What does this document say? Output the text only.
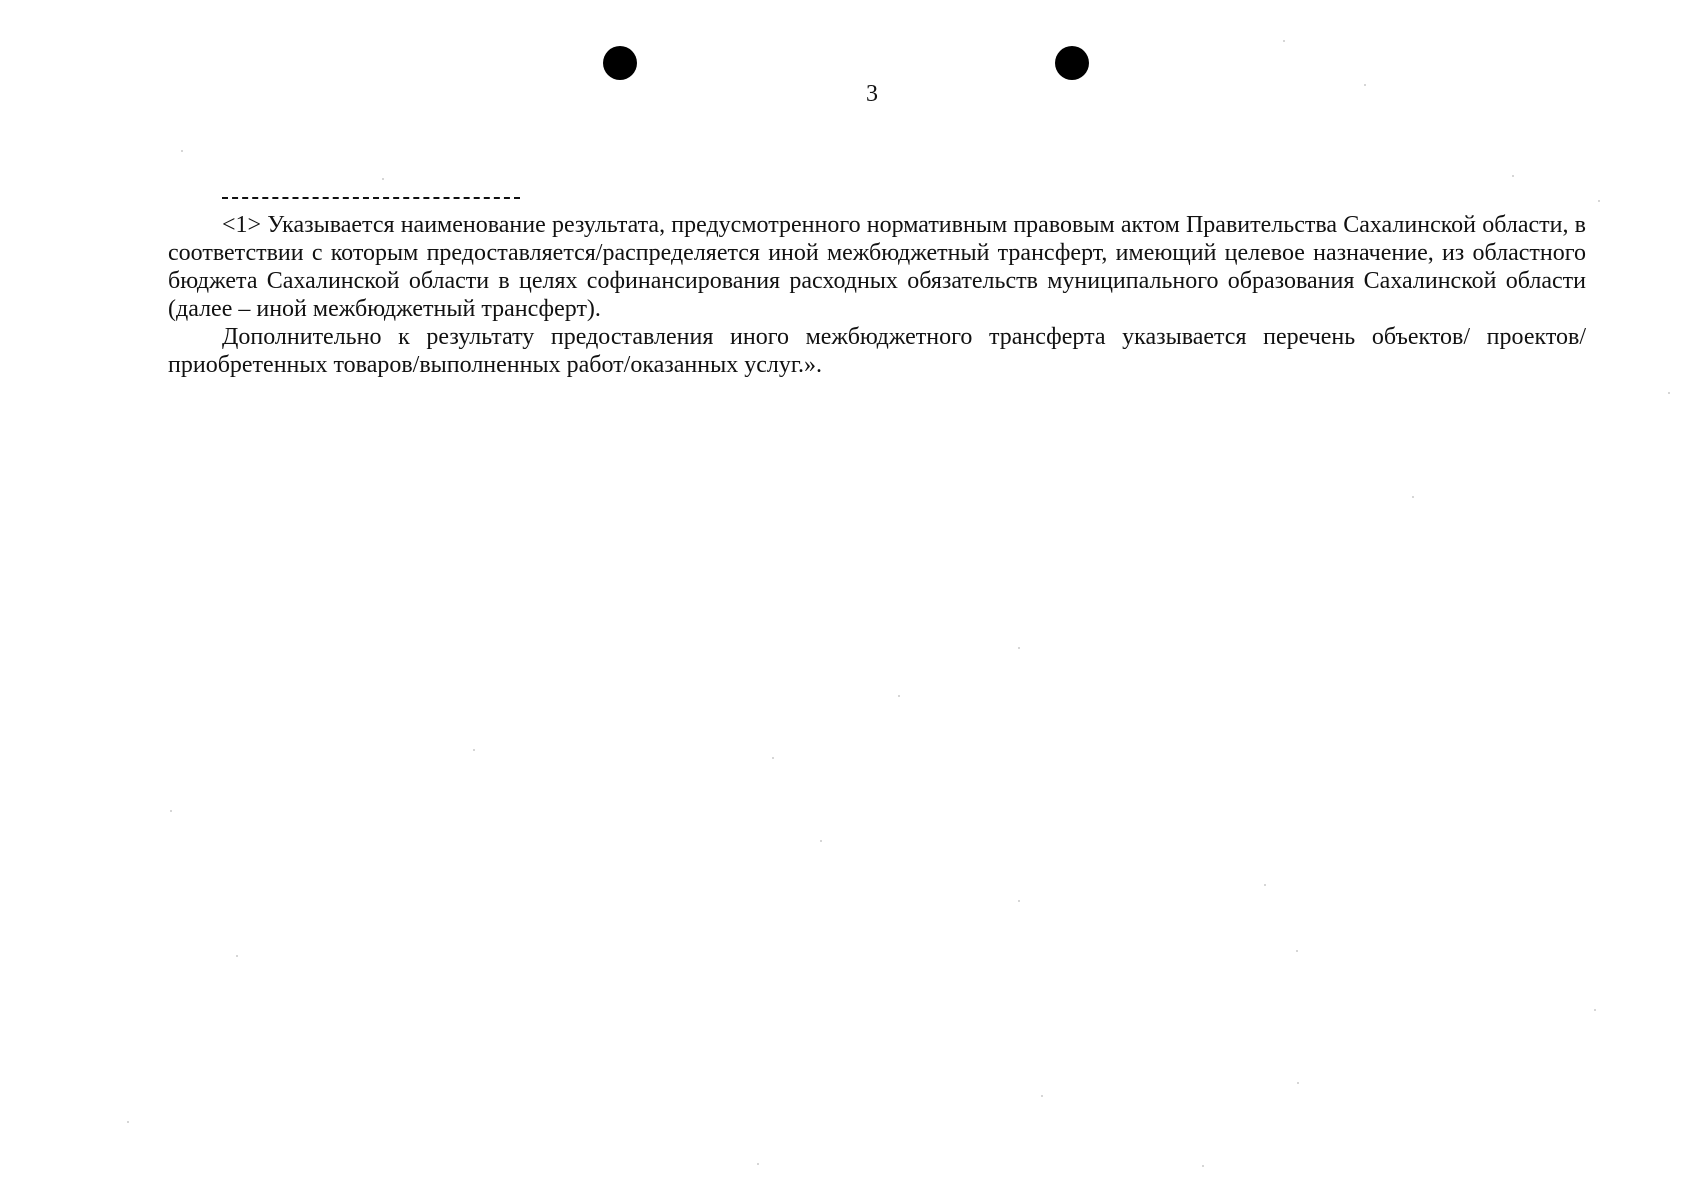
3

<1> Указывается наименование результата, предусмотренного нормативным правовым актом Правительства Сахалинской области, в соответствии с которым предоставляется/распределяется иной межбюджетный трансферт, имеющий целевое назначение, из областного бюджета Сахалинской области в целях софинансирования расходных обязательств муниципального образования Сахалинской области (далее – иной межбюджетный трансферт).

Дополнительно к результату предоставления иного межбюджетного трансферта указывается перечень объектов/ проектов/приобретенных товаров/выполненных работ/оказанных услуг.».
